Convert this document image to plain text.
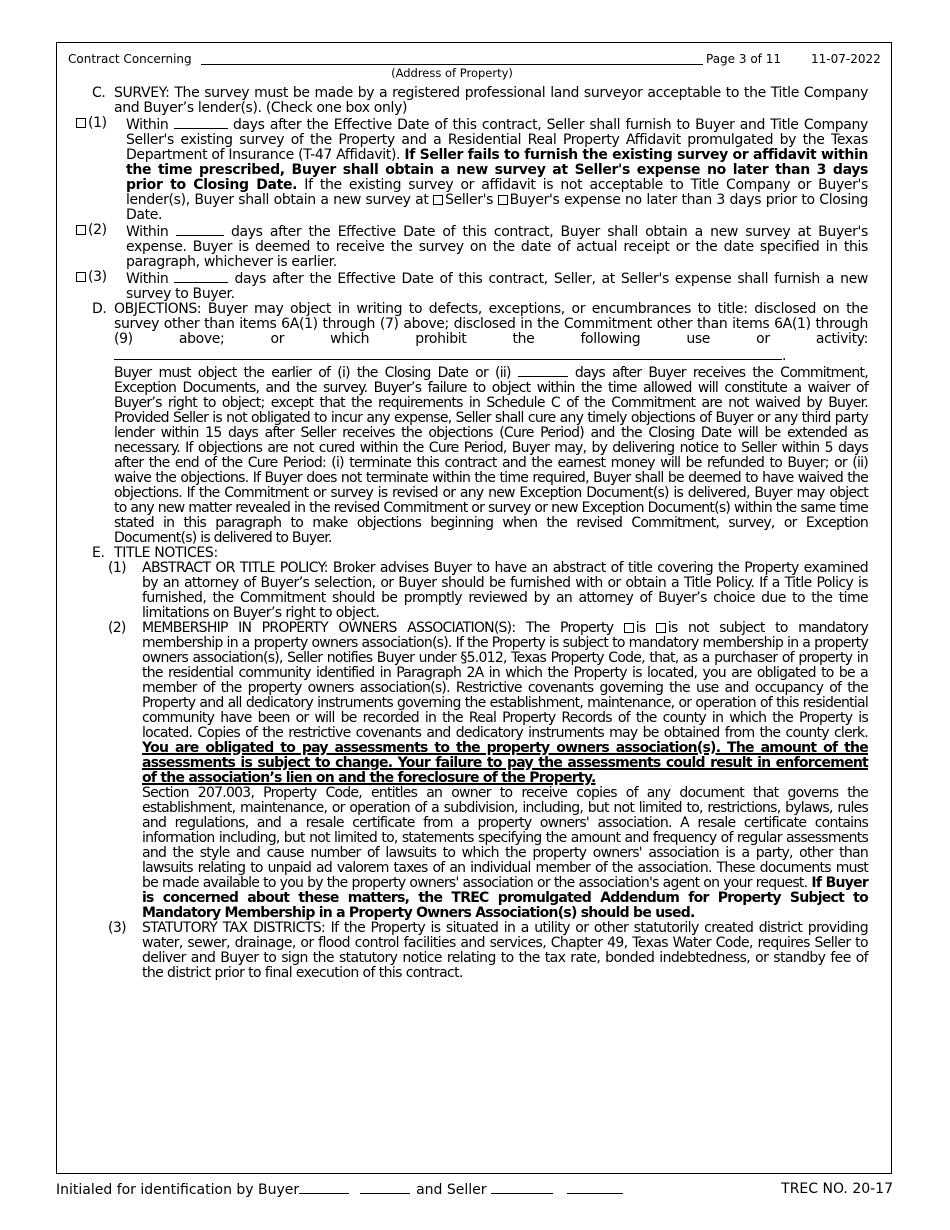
Contract Concerning
(Address of Property)
Page 3 of 11	11-07-2022
C. SURVEY: The survey must be made by a registered professional land surveyor acceptable to the Title Company and Buyer’s lender(s). (Check one box only)
(1)	Within	days after the Effective Date of this contract, Seller shall furnish to Buyer and Title Company Seller's existing survey of the Property and a Residential Real Property Affidavit promulgated by the Texas Department of Insurance (T-47 Affidavit). If Seller fails to furnish the existing survey or affidavit within the time prescribed, Buyer shall obtain a new survey at Seller's expense no later than 3 days prior to Closing Date. If the existing survey or affidavit is not acceptable to Title Company or Buyer's lender(s), Buyer shall obtain a new survey at Seller's Buyer's expense no later than 3 days prior to Closing Date.

(2)	Within	days after the Effective Date of this contract, Buyer shall obtain a new survey at Buyer's expense. Buyer is deemed to receive the survey on the date of actual receipt or the date specified in this paragraph, whichever is earlier.

(3)	Within	days after the Effective Date of this contract, Seller, at Seller's expense shall furnish a new survey to Buyer.

D. OBJECTIONS: Buyer may object in writing to defects, exceptions, or encumbrances to title: disclosed on the survey other than items 6A(1) through (7) above; disclosed in the Commitment other than items 6A(1) through (9) above; or which prohibit the following use or activity: .

Buyer must object the earlier of (i) the Closing Date or (ii)	days after Buyer receives the Commitment, Exception Documents, and the survey. Buyer’s failure to object within the time allowed will constitute a waiver of Buyer’s right to object; except that the requirements in Schedule C of the Commitment are not waived by Buyer. Provided Seller is not obligated to incur any expense, Seller shall cure any timely objections of Buyer or any third party lender within 15 days after Seller receives the objections (Cure Period) and the Closing Date will be extended as necessary. If objections are not cured within the Cure Period, Buyer may, by delivering notice to Seller within 5 days after the end of the Cure Period: (i) terminate this contract and the earnest money will be refunded to Buyer; or (ii) waive the objections. If Buyer does not terminate within the time required, Buyer shall be deemed to have waived the objections. If the Commitment or survey is revised or any new Exception Document(s) is delivered, Buyer may object to any new matter revealed in the revised Commitment or survey or new Exception Document(s) within the same time stated in this paragraph to make objections beginning when the revised Commitment, survey, or Exception Document(s) is delivered to Buyer.

E. TITLE NOTICES:
(1)	ABSTRACT OR TITLE POLICY: Broker advises Buyer to have an abstract of title covering the Property examined by an attorney of Buyer’s selection, or Buyer should be furnished with or obtain a Title Policy. If a Title Policy is furnished, the Commitment should be promptly reviewed by an attorney of Buyer’s choice due to the time limitations on Buyer’s right to object.

(2)	MEMBERSHIP IN PROPERTY OWNERS ASSOCIATION(S): The Property is is not subject to mandatory membership in a property owners association(s). If the Property is subject to mandatory membership in a property owners association(s), Seller notifies Buyer under §5.012, Texas Property Code, that, as a purchaser of property in the residential community identified in Paragraph 2A in which the Property is located, you are obligated to be a member of the property owners association(s). Restrictive covenants governing the use and occupancy of the Property and all dedicatory instruments governing the establishment, maintenance, or operation of this residential community have been or will be recorded in the Real Property Records of the county in which the Property is located. Copies of the restrictive covenants and dedicatory instruments may be obtained from the county clerk. You are obligated to pay assessments to the property owners association(s). The amount of the assessments is subject to change. Your failure to pay the assessments could result in enforcement of the association’s lien on and the foreclosure of the Property.

Section 207.003, Property Code, entitles an owner to receive copies of any document that governs the establishment, maintenance, or operation of a subdivision, including, but not limited to, restrictions, bylaws, rules and regulations, and a resale certificate from a property owners' association. A resale certificate contains information including, but not limited to, statements specifying the amount and frequency of regular assessments and the style and cause number of lawsuits to which the property owners' association is a party, other than lawsuits relating to unpaid ad valorem taxes of an individual member of the association. These documents must be made available to you by the property owners' association or the association's agent on your request. If Buyer is concerned about these matters, the TREC promulgated Addendum for Property Subject to Mandatory Membership in a Property Owners Association(s) should be used.

(3)	STATUTORY TAX DISTRICTS: If the Property is situated in a utility or other statutorily created district providing water, sewer, drainage, or flood control facilities and services, Chapter 49, Texas Water Code, requires Seller to deliver and Buyer to sign the statutory notice relating to the tax rate, bonded indebtedness, or standby fee of the district prior to final execution of this contract.

Initialed for identification by Buyer	and Seller	TREC NO. 20-17
